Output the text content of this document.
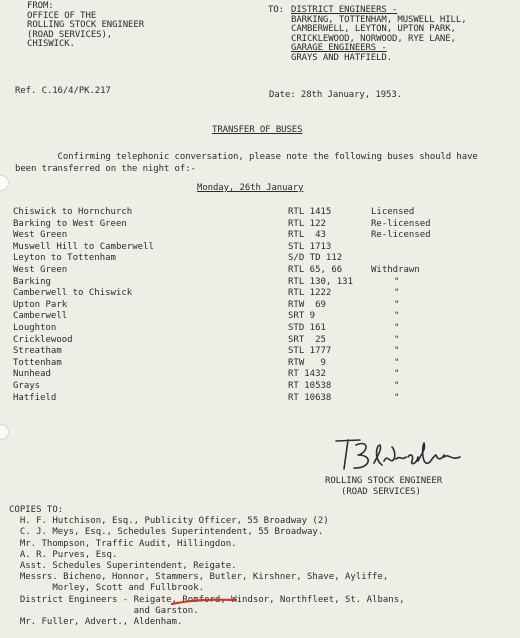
FROM:
OFFICE OF THE
ROLLING STOCK ENGINEER
(ROAD SERVICES),
CHISWICK.
TO: DISTRICT ENGINEERS -
BARKING, TOTTENHAM, MUSWELL HILL,
CAMBERWELL, LEYTON, UPTON PARK,
CRICKLEWOOD, NORWOOD, RYE LANE,
GARAGE ENGINEERS -
GRAYS AND HATFIELD.
Ref. C.16/4/PK.217	Date: 28th January, 1953.
TRANSFER OF BUSES
Confirming telephonic conversation, please note the following buses should have
been transferred on the night of:-
Monday, 26th January
Chiswick to Hornchurch	RTL 1415	Licensed
Barking to West Green	RTL 122	Re-licensed
West Green	RTL  43	Re-licensed
Muswell Hill to Camberwell	STL 1713
Leyton to Tottenham	S/D TD 112
West Green	RTL 65, 66	Withdrawn
Barking	RTL 130, 131	"
Camberwell to Chiswick	RTL 1222	"
Upton Park	RTW  69	"
Camberwell	SRT 9	"
Loughton	STD 161	"
Cricklewood	SRT  25	"
Streatham	STL 1777	"
Tottenham	RTW   9	"
Nunhead	RT 1432	"
Grays	RT 10538	"
Hatfield	RT 10638	"
ROLLING STOCK ENGINEER
(ROAD SERVICES)
COPIES TO:
H. F. Hutchison, Esq., Publicity Officer, 55 Broadway (2)
C. J. Meys, Esq., Schedules Superintendent, 55 Broadway.
Mr. Thompson, Traffic Audit, Hillingdon.
A. R. Purves, Esq.
Asst. Schedules Superintendent, Reigate.
Messrs. Bicheno, Honnor, Stammers, Butler, Kirshner, Shave, Ayliffe,
Morley, Scott and Fullbrook.
District Engineers - Reigate, Romford, Windsor, Northfleet, St. Albans,
and Garston.
Mr. Fuller, Advert., Aldenham.
